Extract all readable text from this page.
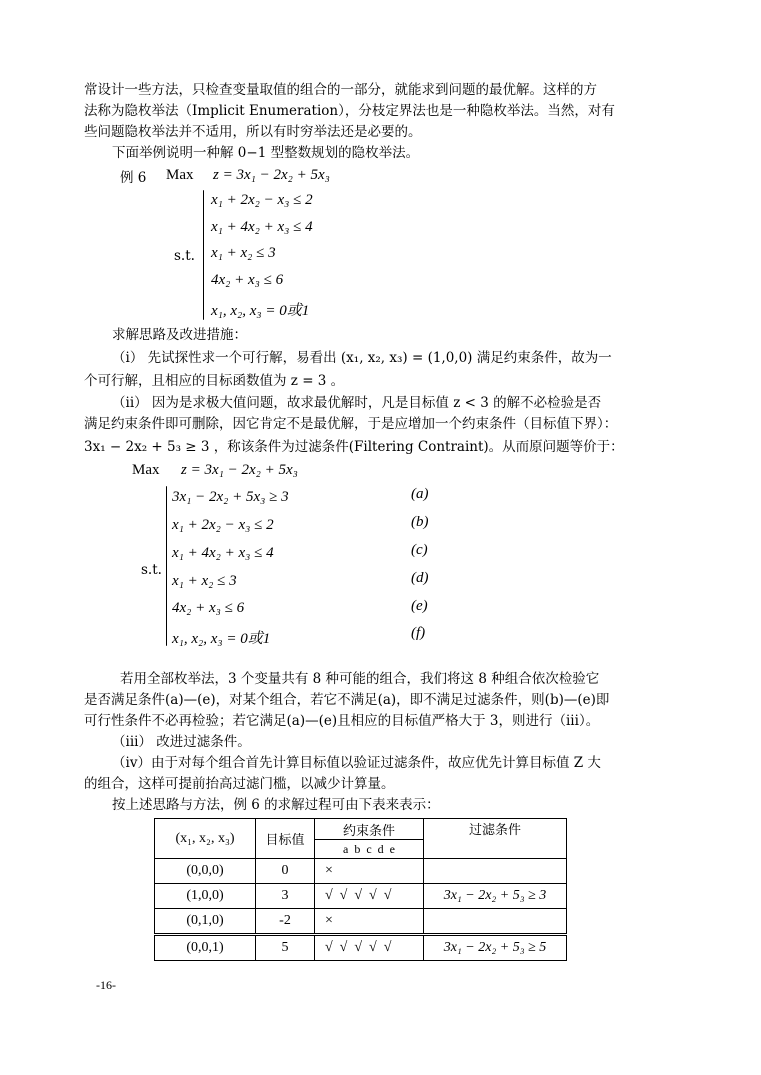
常设计一些方法，只检查变量取值的组合的一部分，就能求到问题的最优解。这样的方
法称为隐枚举法（Implicit Enumeration），分枝定界法也是一种隐枚举法。当然，对有
些问题隐枚举法并不适用，所以有时穷举法还是必要的。
下面举例说明一种解 0−1 型整数规划的隐枚举法。
例 6 Max z = 3x₁ − 2x₂ + 5x₃
s.t.
x₁ + 2x₂ − x₃ ≤ 2
x₁ + 4x₂ + x₃ ≤ 4
x₁ + x₂ ≤ 3
4x₂ + x₃ ≤ 6
x₁, x₂, x₃ = 0或1
求解思路及改进措施：
（i） 先试探性求一个可行解，易看出 (x₁, x₂, x₃) = (1,0,0) 满足约束条件，故为一
个可行解，且相应的目标函数值为 z = 3 。
（ii） 因为是求极大值问题，故求最优解时，凡是目标值 z < 3 的解不必检验是否
满足约束条件即可删除，因它肯定不是最优解，于是应增加一个约束条件（目标值下界）：
3x₁ − 2x₂ + 5₃ ≥ 3 ，称该条件为过滤条件(Filtering Contraint)。从而原问题等价于：
Max z = 3x₁ − 2x₂ + 5x₃
s.t.
3x₁ − 2x₂ + 5x₃ ≥ 3	(a)
x₁ + 2x₂ − x₃ ≤ 2	(b)
x₁ + 4x₂ + x₃ ≤ 4	(c)
x₁ + x₂ ≤ 3	(d)
4x₂ + x₃ ≤ 6	(e)
x₁, x₂, x₃ = 0或1	(f)
若用全部枚举法，3 个变量共有 8 种可能的组合，我们将这 8 种组合依次检验它
是否满足条件(a)—(e)，对某个组合，若它不满足(a)，即不满足过滤条件，则(b)—(e)即
可行性条件不必再检验；若它满足(a)—(e)且相应的目标值严格大于 3，则进行（iii）。
（iii） 改进过滤条件。
（iv）由于对每个组合首先计算目标值以验证过滤条件，故应优先计算目标值 Z 大
的组合，这样可提前抬高过滤门槛，以减少计算量。
按上述思路与方法，例 6 的求解过程可由下表来表示：
(x₁, x₂, x₃)	目标值	约束条件	过滤条件
		a  b  c  d  e	
(0,0,0)	0	×	
(1,0,0)	3	√  √  √  √  √	3x₁ − 2x₂ + 5₃ ≥ 3
(0,1,0)	-2	×	
(0,0,1)	5	√  √  √  √  √	3x₁ − 2x₂ + 5₃ ≥ 5
-16-
